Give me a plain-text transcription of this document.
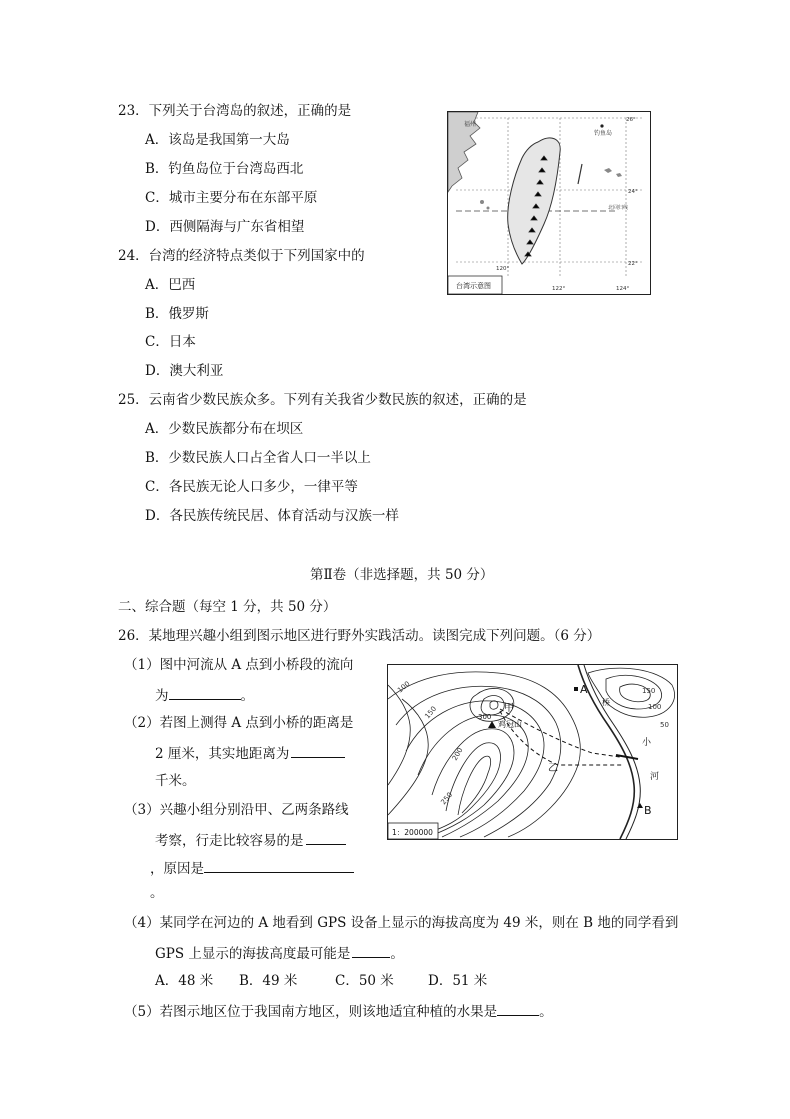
23．下列关于台湾岛的叙述，正确的是
A．该岛是我国第一大岛
B．钓鱼岛位于台湾岛西北
C．城市主要分布在东部平原
D．西侧隔海与广东省相望
24．台湾的经济特点类似于下列国家中的
A．巴西
B．俄罗斯
C．日本
D．澳大利亚
25．云南省少数民族众多。下列有关我省少数民族的叙述，正确的是
A．少数民族都分布在坝区
B．少数民族人口占全省人口一半以上
C．各民族无论人口多少，一律平等
D．各民族传统民居、体育活动与汉族一样
26°
24°
22°
120°
122°	124°
钓鱼岛
福州
北回归线
台湾示意图
第Ⅱ卷（非选择题，共 50 分）
二、综合题（每空 1 分，共 50 分）
26．某地理兴趣小组到图示地区进行野外实践活动。读图完成下列问题。（6 分）
（1）图中河流从 A 点到小桥段的流向
为	。
（2）若图上测得 A 点到小桥的距离是
2 厘米，其实地距离为
千米。
（3）兴趣小组分别沿甲、乙两条路线
考察，行走比较容易的是
，原因是
。
（4）某同学在河边的 A 地看到 GPS 设备上显示的海拔高度为 49 米，则在 B 地的同学看到
GPS 上显示的海拔高度最可能是	。
A．48 米 B．49 米	C．50 米	D．51 米
（5）若图示地区位于我国南方地区，则该地适宜种植的水果是	。
A
B
甲
乙
鸡冠山
300
桥
小
河
100
150
200
250
150
100
50
1：200000
